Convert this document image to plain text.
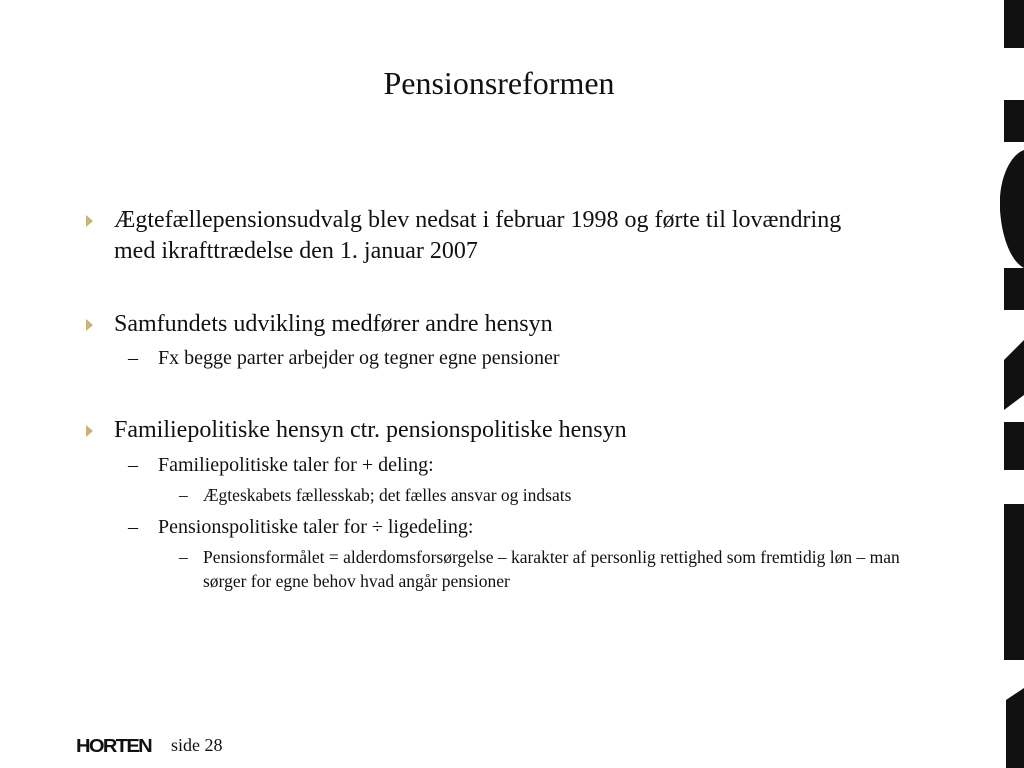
Pensionsreformen
Ægtefællepensionsudvalg blev nedsat i februar 1998 og førte til lovændring med ikrafttrædelse den 1. januar 2007
Samfundets udvikling medfører andre hensyn
– Fx begge parter arbejder og tegner egne pensioner
Familiepolitiske hensyn ctr. pensionspolitiske hensyn
– Familiepolitiske taler for + deling:
– Ægteskabets fællesskab; det fælles ansvar og indsats
– Pensionspolitiske taler for ÷ ligedeling:
– Pensionsformålet = alderdomsforsørgelse – karakter af personlig rettighed som fremtidig løn – man sørger for egne behov hvad angår pensioner
HORTEN side 28
